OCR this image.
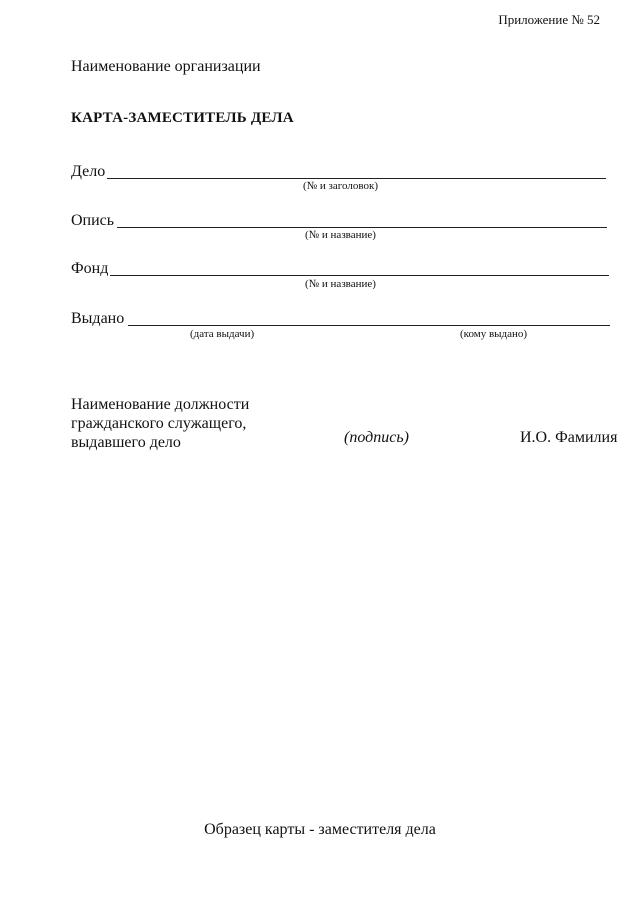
Приложение № 52
Наименование организации
КАРТА-ЗАМЕСТИТЕЛЬ ДЕЛА
Дело
(№ и заголовок)
Опись
(№ и название)
Фонд
(№ и название)
Выдано
(дата выдачи)	(кому выдано)
Наименование должности
гражданского служащего,
выдавшего дело	(подпись)	И.О. Фамилия
Образец карты - заместителя дела
